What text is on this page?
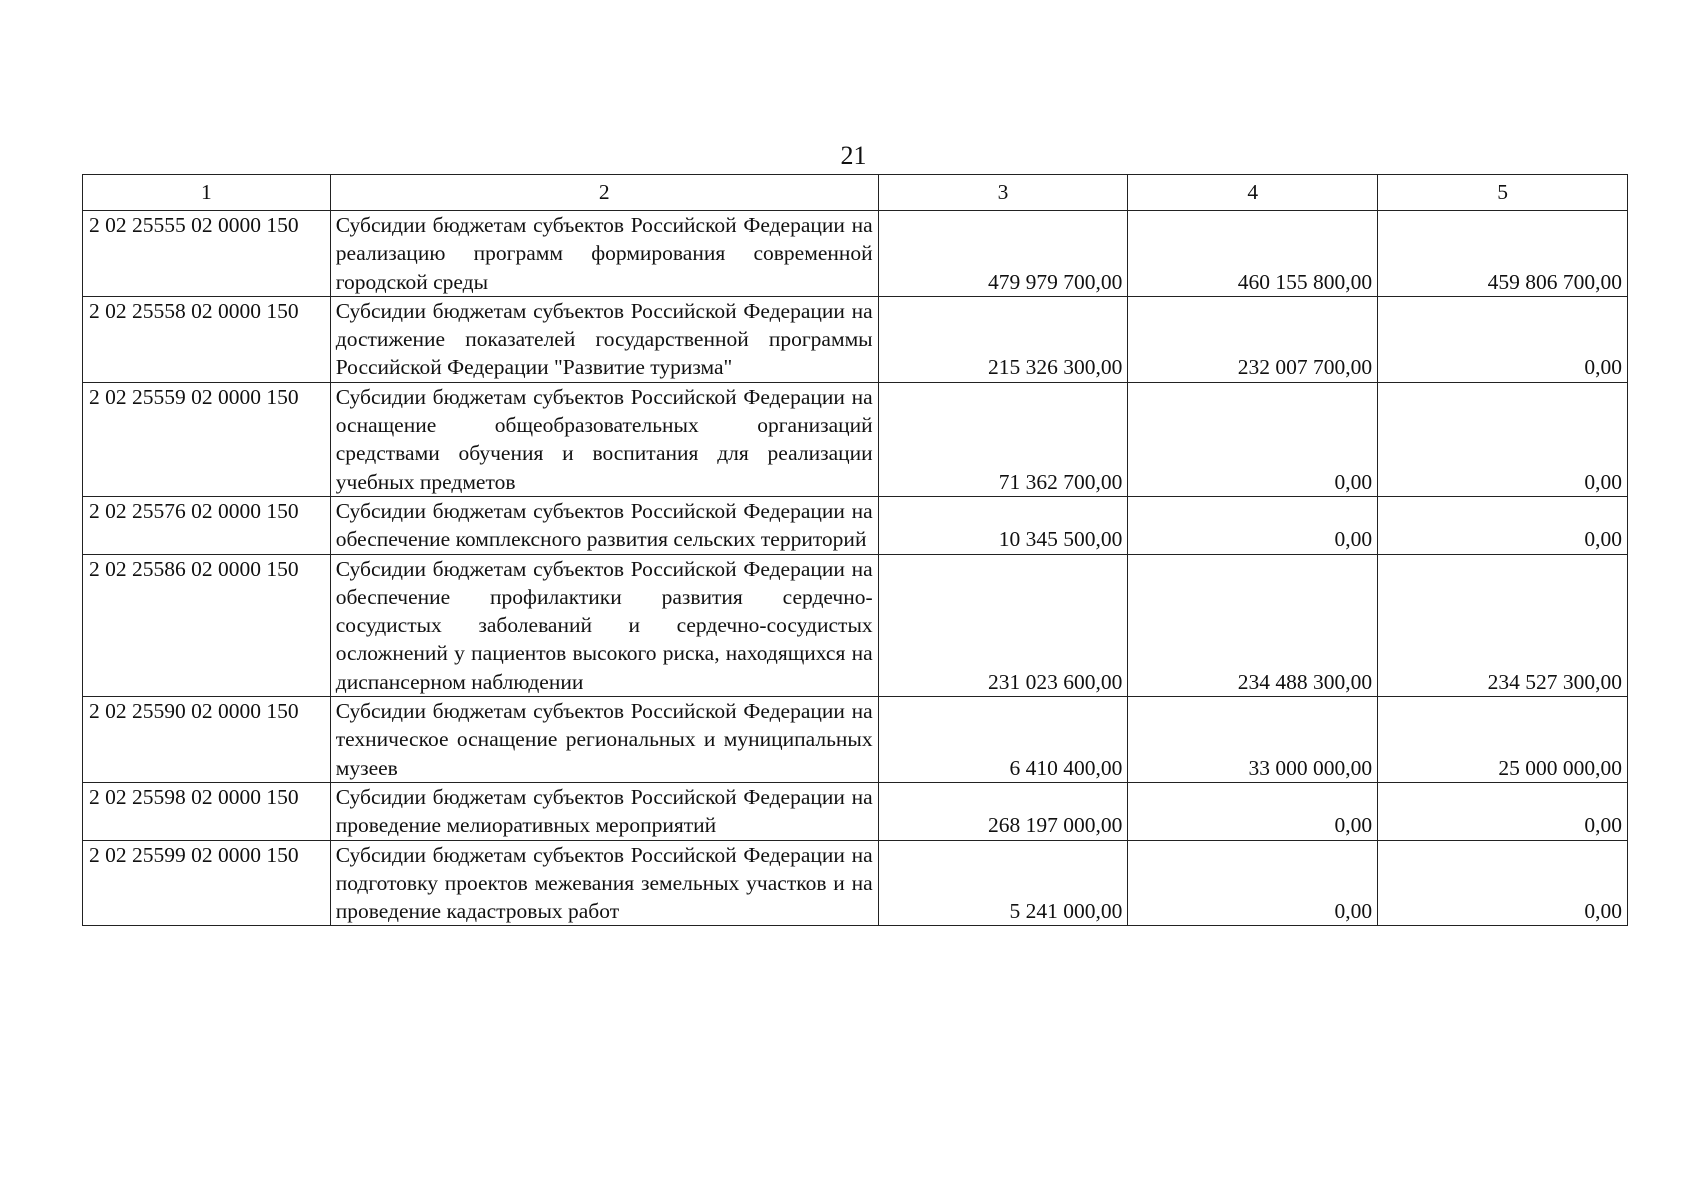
21
1	2	3	4	5
2 02 25555 02 0000 150	Субсидии бюджетам субъектов Российской Федерации на реализацию программ формирования современной городской среды	479 979 700,00	460 155 800,00	459 806 700,00
2 02 25558 02 0000 150	Субсидии бюджетам субъектов Российской Федерации на достижение показателей государственной программы Российской Федерации "Развитие туризма"	215 326 300,00	232 007 700,00	0,00
2 02 25559 02 0000 150	Субсидии бюджетам субъектов Российской Федерации на оснащение общеобразовательных организаций средствами обучения и воспитания для реализации учебных предметов	71 362 700,00	0,00	0,00
2 02 25576 02 0000 150	Субсидии бюджетам субъектов Российской Федерации на обеспечение комплексного развития сельских территорий	10 345 500,00	0,00	0,00
2 02 25586 02 0000 150	Субсидии бюджетам субъектов Российской Федерации на обеспечение профилактики развития сердечно-сосудистых заболеваний и сердечно-сосудистых осложнений у пациентов высокого риска, находящихся на диспансерном наблюдении	231 023 600,00	234 488 300,00	234 527 300,00
2 02 25590 02 0000 150	Субсидии бюджетам субъектов Российской Федерации на техническое оснащение региональных и муниципальных музеев	6 410 400,00	33 000 000,00	25 000 000,00
2 02 25598 02 0000 150	Субсидии бюджетам субъектов Российской Федерации на проведение мелиоративных мероприятий	268 197 000,00	0,00	0,00
2 02 25599 02 0000 150	Субсидии бюджетам субъектов Российской Федерации на подготовку проектов межевания земельных участков и на проведение кадастровых работ	5 241 000,00	0,00	0,00
